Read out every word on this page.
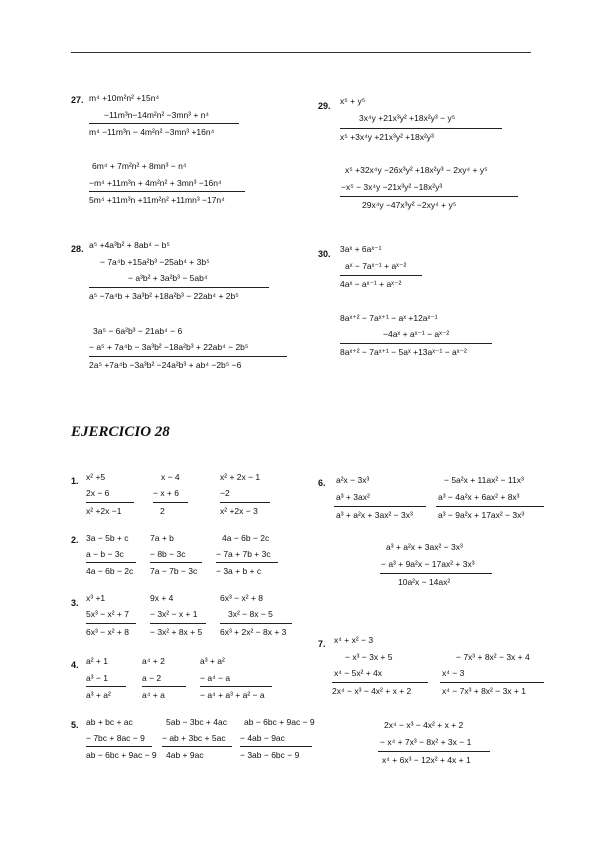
27. m⁴ +10m²n² +15n⁴
−11m³n−14m²n² −3mn³ + n⁴
m⁴ −11m³n − 4m²n² −3mn³ +16n⁴
6m⁴ + 7m²n² + 8mn³ − n⁴
−m⁴ +11m³n + 4m²n² + 3mn³ −16n⁴
5m⁴ +11m³n +11m²n² +11mn³ −17n⁴
28. a⁵ +4a³b² + 8ab⁴ − b⁵
− 7a⁴b +15a²b³ −25ab⁴ + 3b⁵
− a³b² + 3a²b³ − 5ab⁴
a⁵ −7a⁴b + 3a³b² +18a²b³ − 22ab⁴ + 2b⁵
3a⁵ − 6a²b³ − 21ab⁴ − 6
− a⁵ + 7a⁴b − 3a³b² −18a²b³ + 22ab⁴ − 2b⁵
2a⁵ +7a⁴b −3a³b² −24a²b³ + ab⁴ −2b⁵ −6
29. x⁵ + y⁵
3x⁴y +21x³y² +18x²y³ − y⁵
x⁵ +3x⁴y +21x³y² +18x²y³
x⁵ +32x⁴y −26x³y² +18x²y³ − 2xy⁴ + y⁵
−x⁵ − 3x⁴y −21x³y² −18x²y³
29x⁴y −47x³y² −2xy⁴ + y⁵
30. 3aˣ + 6aˣ⁻¹
aˣ − 7aˣ⁻¹ + aˣ⁻²
4aˣ − aˣ⁻¹ + aˣ⁻²
8aˣ⁺² − 7aˣ⁺¹ − aˣ +12aˣ⁻¹
−4aˣ + aˣ⁻¹ − aˣ⁻²
8aˣ⁺² − 7aˣ⁺¹ − 5aˣ +13aˣ⁻¹ − aˣ⁻²
EJERCICIO 28
1. x² +5
2x − 6
x² +2x −1
x − 4
− x + 6
2
x² + 2x − 1
−2
x² +2x − 3
2. 3a − 5b + c
a − b − 3c
4a − 6b − 2c
7a + b
− 8b − 3c
7a − 7b − 3c
4a − 6b − 2c
− 7a + 7b + 3c
− 3a + b + c
3. x³ +1
5x³ − x² + 7
6x³ − x² + 8
9x + 4
− 3x² − x + 1
− 3x² + 8x + 5
6x³ − x² + 8
3x² − 8x − 5
6x³ + 2x² − 8x + 3
4. a² + 1
a³ − 1
a³ + a²
a⁴ + 2
a − 2
a⁴ + a
a³ + a²
− a⁴ − a
− a⁴ + a³ + a² − a
5. ab + bc + ac
− 7bc + 8ac − 9
ab − 6bc + 9ac − 9
5ab − 3bc + 4ac
− ab + 3bc + 5ac
4ab + 9ac
ab − 6bc + 9ac − 9
− 4ab − 9ac
− 3ab − 6bc − 9
6. a²x − 3x³
a³ + 3ax²
a³ + a²x + 3ax² − 3x³
− 5a²x + 11ax² − 11x³
a³ − 4a²x + 6ax² + 8x³
a³ − 9a²x + 17ax² − 3x³
a³ + a²x + 3ax² − 3x³
− a³ + 9a²x − 17ax² + 3x³
10a²x − 14ax²
7. x⁴ + x² − 3
− x³ − 3x + 5
x⁴ − 5x² + 4x
2x⁴ − x³ − 4x² + x + 2
− 7x³ + 8x² − 3x + 4
x⁴ − 3
x⁴ − 7x³ + 8x² − 3x + 1
2x⁴ − x³ − 4x² + x + 2
− x⁴ + 7x³ − 8x² + 3x − 1
x⁴ + 6x³ − 12x² + 4x + 1
